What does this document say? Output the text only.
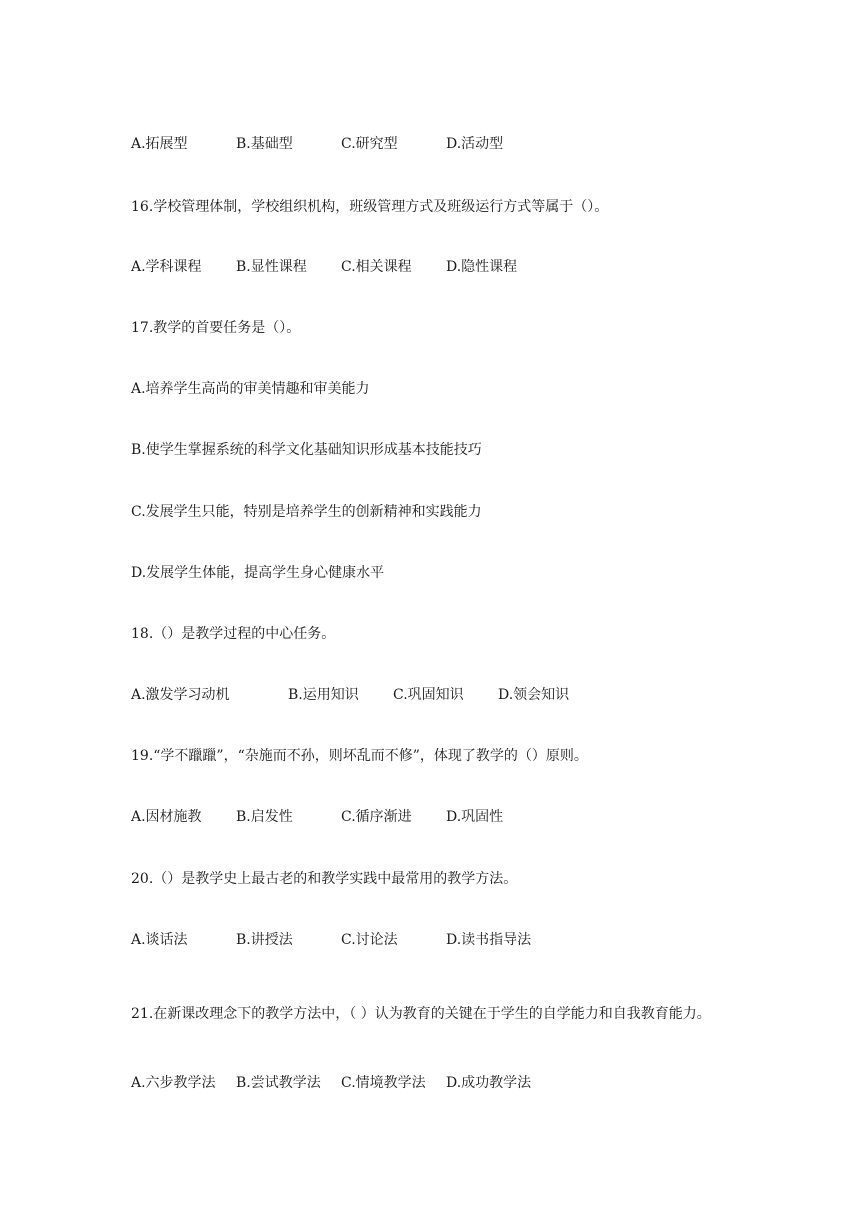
A.拓展型	B.基础型	C.研究型	D.活动型

16.学校管理体制，学校组织机构，班级管理方式及班级运行方式等属于（）。

A.学科课程 B.显性课程 C.相关课程 D.隐性课程

17.教学的首要任务是（）。

A.培养学生高尚的审美情趣和审美能力

B.使学生掌握系统的科学文化基础知识形成基本技能技巧

C.发展学生只能，特别是培养学生的创新精神和实践能力

D.发展学生体能，提高学生身心健康水平

18.（）是教学过程的中心任务。

A.激发学习动机	B.运用知识 C.巩固知识 D.领会知识

19.“学不躐躐”，“杂施而不孙，则坏乱而不修”，体现了教学的（）原则。

A.因材施教 B.启发性	C.循序渐进 D.巩固性

20.（）是教学史上最古老的和教学实践中最常用的教学方法。

A.谈话法	B.讲授法	C.讨论法	D.读书指导法

21.在新课改理念下的教学方法中，（ ）认为教育的关键在于学生的自学能力和自我教育能力。

A.六步教学法 B.尝试教学法 C.情境教学法 D.成功教学法
